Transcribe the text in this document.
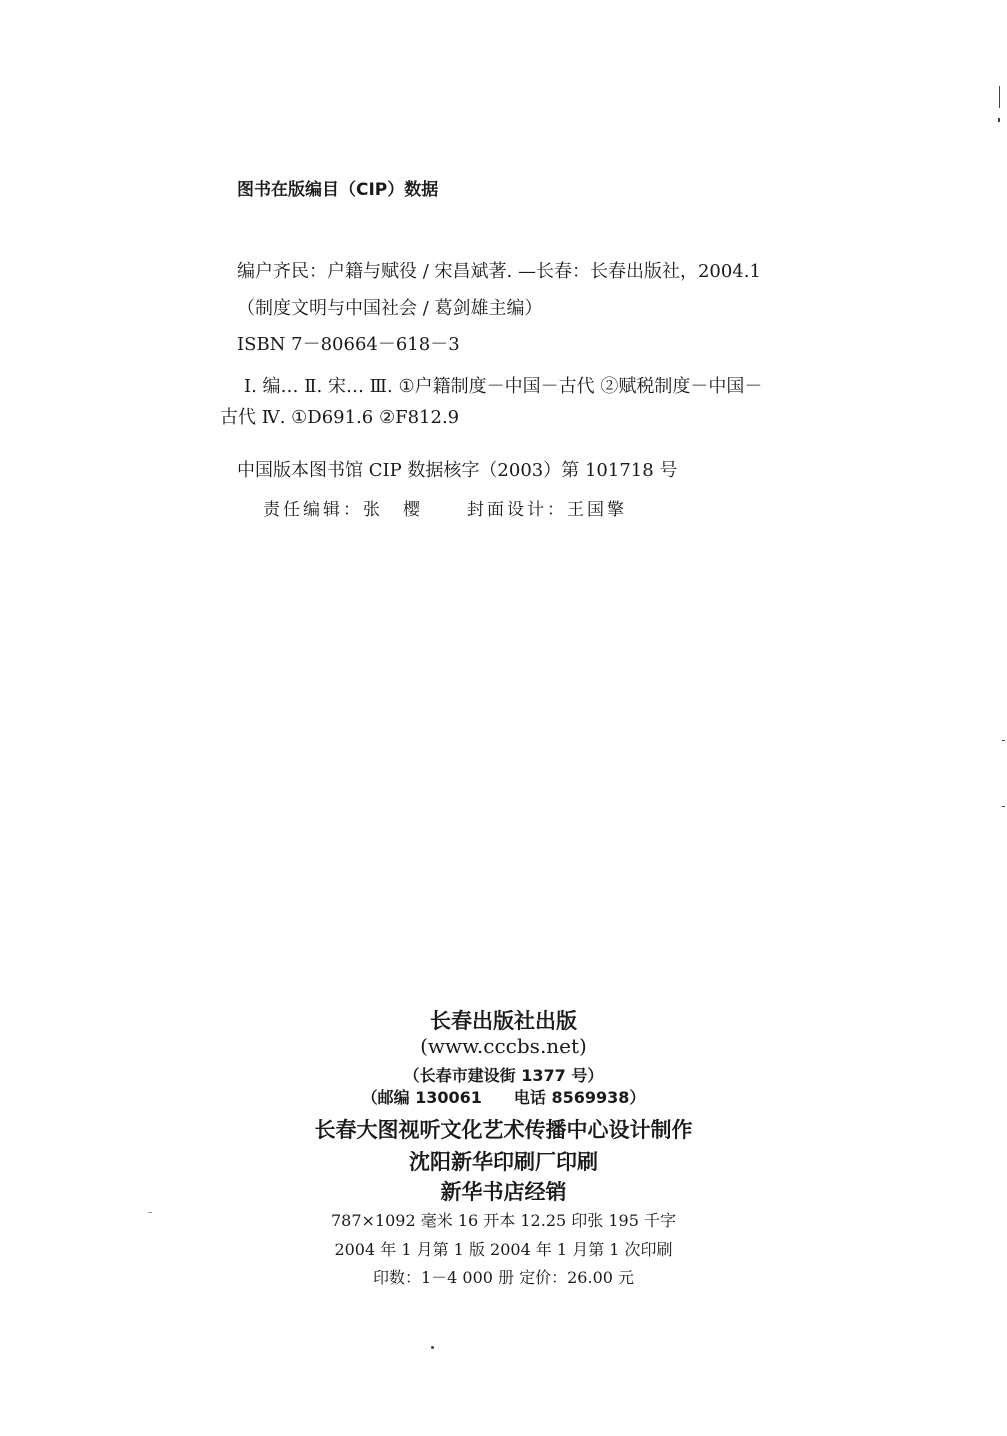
图书在版编目（CIP）数据
编户齐民：户籍与赋役 / 宋昌斌著. —长春：长春出版社，2004.1
（制度文明与中国社会 / 葛剑雄主编）
ISBN 7－80664－618－3
Ⅰ. 编… Ⅱ. 宋… Ⅲ. ①户籍制度－中国－古代 ②赋税制度－中国－
古代 Ⅳ. ①D691.6 ②F812.9
中国版本图书馆 CIP 数据核字（2003）第 101718 号
责任编辑：张　樱	封面设计：王国擎
长春出版社出版
(www.cccbs.net)
（长春市建设街 1377 号）
（邮编 130061　　电话 8569938）
长春大图视听文化艺术传播中心设计制作
沈阳新华印刷厂印刷
新华书店经销
787×1092 毫米 16 开本 12.25 印张 195 千字
2004 年 1 月第 1 版 2004 年 1 月第 1 次印刷
印数：1－4 000 册 定价：26.00 元
